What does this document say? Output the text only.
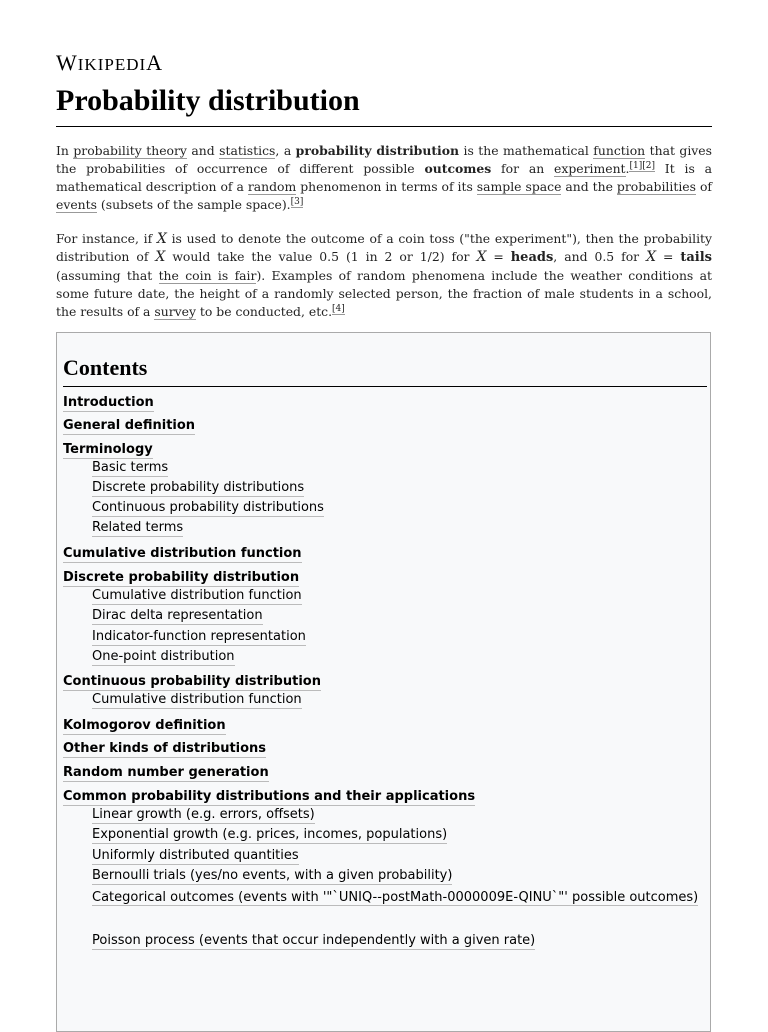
WIKIPEDIA
Probability distribution

In probability theory and statistics, a probability distribution is the mathematical function that gives the probabilities of occurrence of different possible outcomes for an experiment.[1][2] It is a mathematical description of a random phenomenon in terms of its sample space and the probabilities of events (subsets of the sample space).[3]

For instance, if X is used to denote the outcome of a coin toss ("the experiment"), then the probability distribution of X would take the value 0.5 (1 in 2 or 1/2) for X = heads, and 0.5 for X = tails (assuming that the coin is fair). Examples of random phenomena include the weather conditions at some future date, the height of a randomly selected person, the fraction of male students in a school, the results of a survey to be conducted, etc.[4]

Contents
Introduction
General definition
Terminology
Basic terms
Discrete probability distributions
Continuous probability distributions
Related terms
Cumulative distribution function
Discrete probability distribution
Cumulative distribution function
Dirac delta representation
Indicator-function representation
One-point distribution
Continuous probability distribution
Cumulative distribution function
Kolmogorov definition
Other kinds of distributions
Random number generation
Common probability distributions and their applications
Linear growth (e.g. errors, offsets)
Exponential growth (e.g. prices, incomes, populations)
Uniformly distributed quantities
Bernoulli trials (yes/no events, with a given probability)
Categorical outcomes (events with '"`UNIQ--postMath-0000009E-QINU`"' possible outcomes)
Poisson process (events that occur independently with a given rate)
